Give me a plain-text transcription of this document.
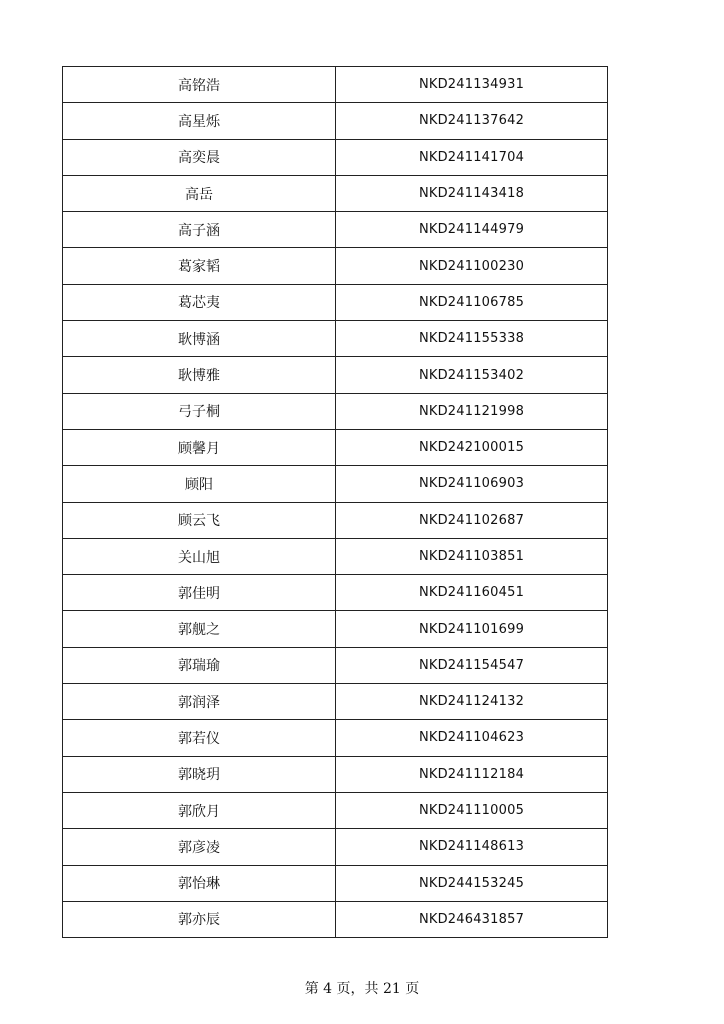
高铭浩	NKD241134931
高星烁	NKD241137642
高奕晨	NKD241141704
高岳	NKD241143418
高子涵	NKD241144979
葛家韬	NKD241100230
葛芯夷	NKD241106785
耿博涵	NKD241155338
耿博雅	NKD241153402
弓子桐	NKD241121998
顾馨月	NKD242100015
顾阳	NKD241106903
顾云飞	NKD241102687
关山旭	NKD241103851
郭佳明	NKD241160451
郭舰之	NKD241101699
郭瑞瑜	NKD241154547
郭润泽	NKD241124132
郭若仪	NKD241104623
郭晓玥	NKD241112184
郭欣月	NKD241110005
郭彦凌	NKD241148613
郭怡琳	NKD244153245
郭亦辰	NKD246431857
第 4 页，共 21 页
